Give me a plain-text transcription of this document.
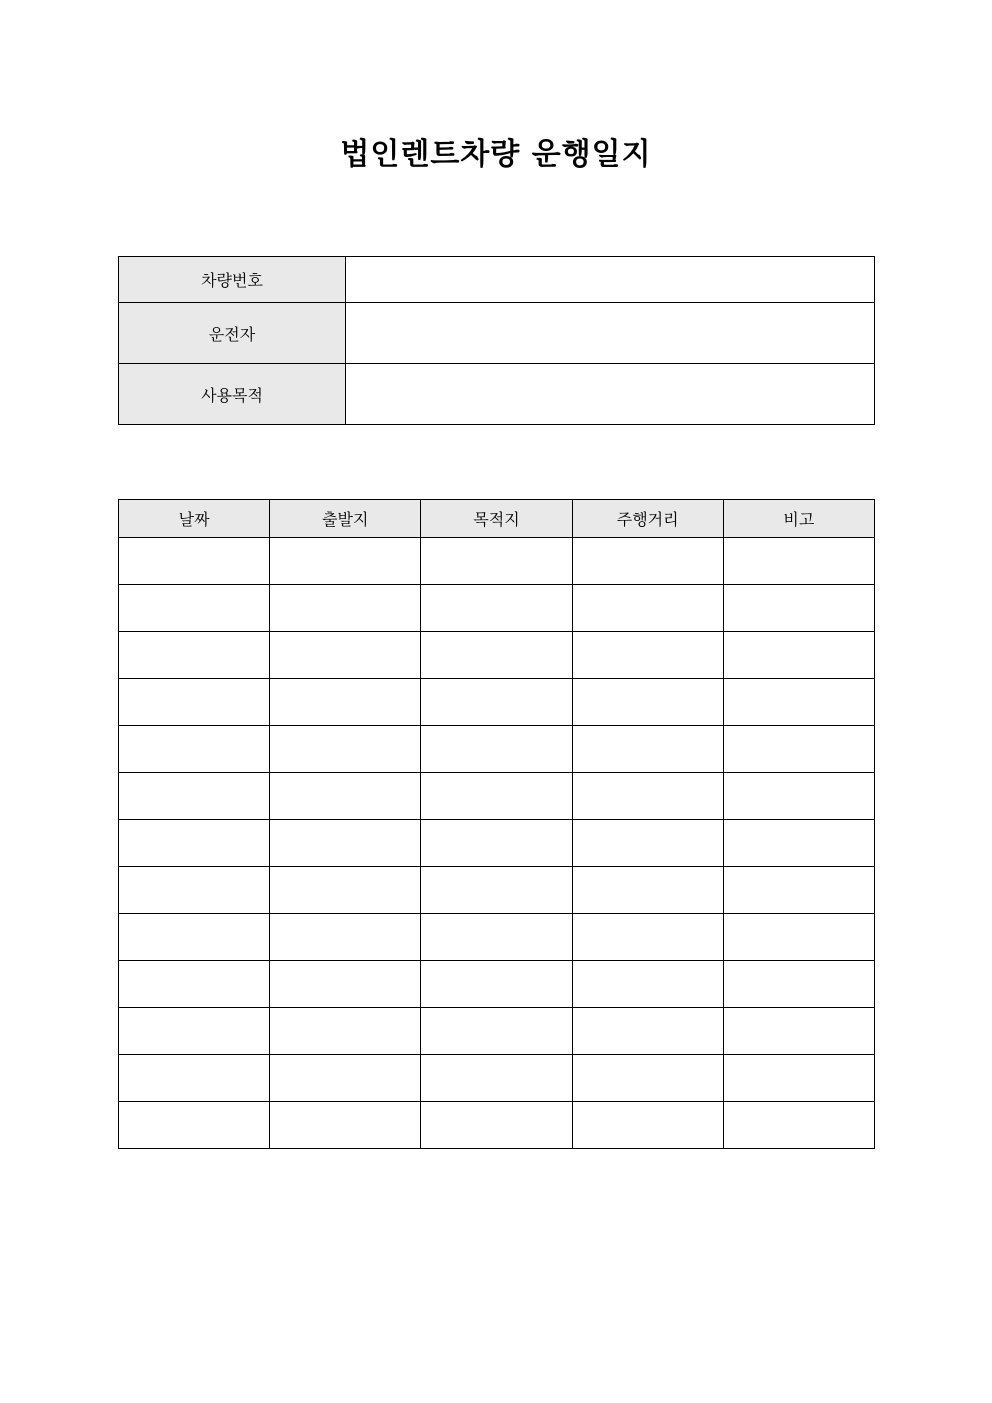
법인렌트차량 운행일지
차량번호	
운전자	
사용목적	
날짜	출발지	목적지	주행거리	비고
